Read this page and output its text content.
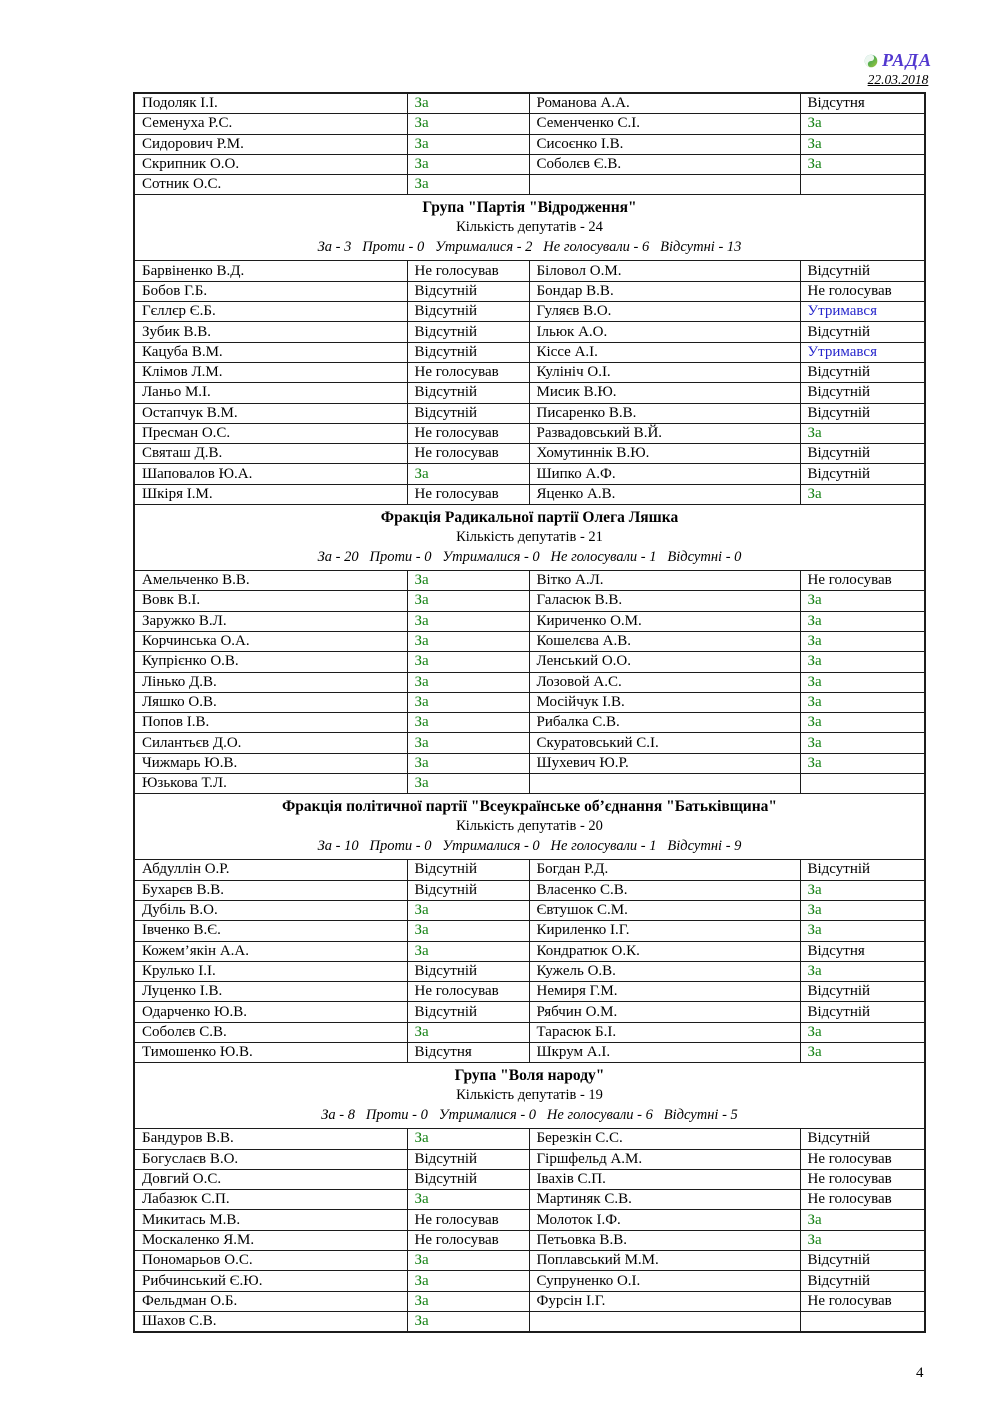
РАДА
22.03.2018
Подоляк І.І.	За	Романова А.А.	Відсутня
Семенуха Р.С.	За	Семенченко С.І.	За
Сидорович Р.М.	За	Сисоєнко І.В.	За
Скрипник О.О.	За	Соболєв Є.В.	За
Сотник О.С.	За		

Група "Партія "Відродження"
Кількість депутатів - 24
За - 3   Проти - 0   Утрималися - 2   Не голосували - 6   Відсутні - 13			

Барвіненко В.Д.	Не голосував	Біловол О.М.	Відсутній
Бобов Г.Б.	Відсутній	Бондар В.В.	Не голосував
Гєллєр Є.Б.	Відсутній	Гуляєв В.О.	Утримався
Зубик В.В.	Відсутній	Ільюк А.О.	Відсутній
Кацуба В.М.	Відсутній	Кіссе А.І.	Утримався
Клімов Л.М.	Не голосував	Кулініч О.І.	Відсутній
Ланьо М.І.	Відсутній	Мисик В.Ю.	Відсутній
Остапчук В.М.	Відсутній	Писаренко В.В.	Відсутній
Пресман О.С.	Не голосував	Развадовський В.Й.	За
Святаш Д.В.	Не голосував	Хомутиннік В.Ю.	Відсутній
Шаповалов Ю.А.	За	Шипко А.Ф.	Відсутній
Шкіря І.М.	Не голосував	Яценко А.В.	За

Фракція Радикальної партії Олега Ляшка
Кількість депутатів - 21
За - 20   Проти - 0   Утрималися - 0   Не голосували - 1   Відсутні - 0			

Амельченко В.В.	За	Вітко А.Л.	Не голосував
Вовк В.І.	За	Галасюк В.В.	За
Заружко В.Л.	За	Кириченко О.М.	За
Корчинська О.А.	За	Кошелєва А.В.	За
Купрієнко О.В.	За	Ленський О.О.	За
Лінько Д.В.	За	Лозовой А.С.	За
Ляшко О.В.	За	Мосійчук І.В.	За
Попов І.В.	За	Рибалка С.В.	За
Силантьєв Д.О.	За	Скуратовський С.І.	За
Чижмарь Ю.В.	За	Шухевич Ю.Р.	За
Юзькова Т.Л.	За		

Фракція політичної партії "Всеукраїнське об’єднання "Батьківщина"
Кількість депутатів - 20
За - 10   Проти - 0   Утрималися - 0   Не голосували - 1   Відсутні - 9			

Абдуллін О.Р.	Відсутній	Богдан Р.Д.	Відсутній
Бухарєв В.В.	Відсутній	Власенко С.В.	За
Дубіль В.О.	За	Євтушок С.М.	За
Івченко В.Є.	За	Кириленко І.Г.	За
Кожем’якін А.А.	За	Кондратюк О.К.	Відсутня
Крулько І.І.	Відсутній	Кужель О.В.	За
Луценко І.В.	Не голосував	Немиря Г.М.	Відсутній
Одарченко Ю.В.	Відсутній	Рябчин О.М.	Відсутній
Соболєв С.В.	За	Тарасюк Б.І.	За
Тимошенко Ю.В.	Відсутня	Шкрум А.І.	За

Група "Воля народу"
Кількість депутатів - 19
За - 8   Проти - 0   Утрималися - 0   Не голосували - 6   Відсутні - 5			

Бандуров В.В.	За	Березкін С.С.	Відсутній
Богуслаєв В.О.	Відсутній	Гіршфельд А.М.	Не голосував
Довгий О.С.	Відсутній	Івахів С.П.	Не голосував
Лабазюк С.П.	За	Мартиняк С.В.	Не голосував
Микитась М.В.	Не голосував	Молоток І.Ф.	За
Москаленко Я.М.	Не голосував	Петьовка В.В.	За
Пономарьов О.С.	За	Поплавський М.М.	Відсутній
Рибчинський Є.Ю.	За	Супруненко О.І.	Відсутній
Фельдман О.Б.	За	Фурсін І.Г.	Не голосував
Шахов С.В.	За		
4
